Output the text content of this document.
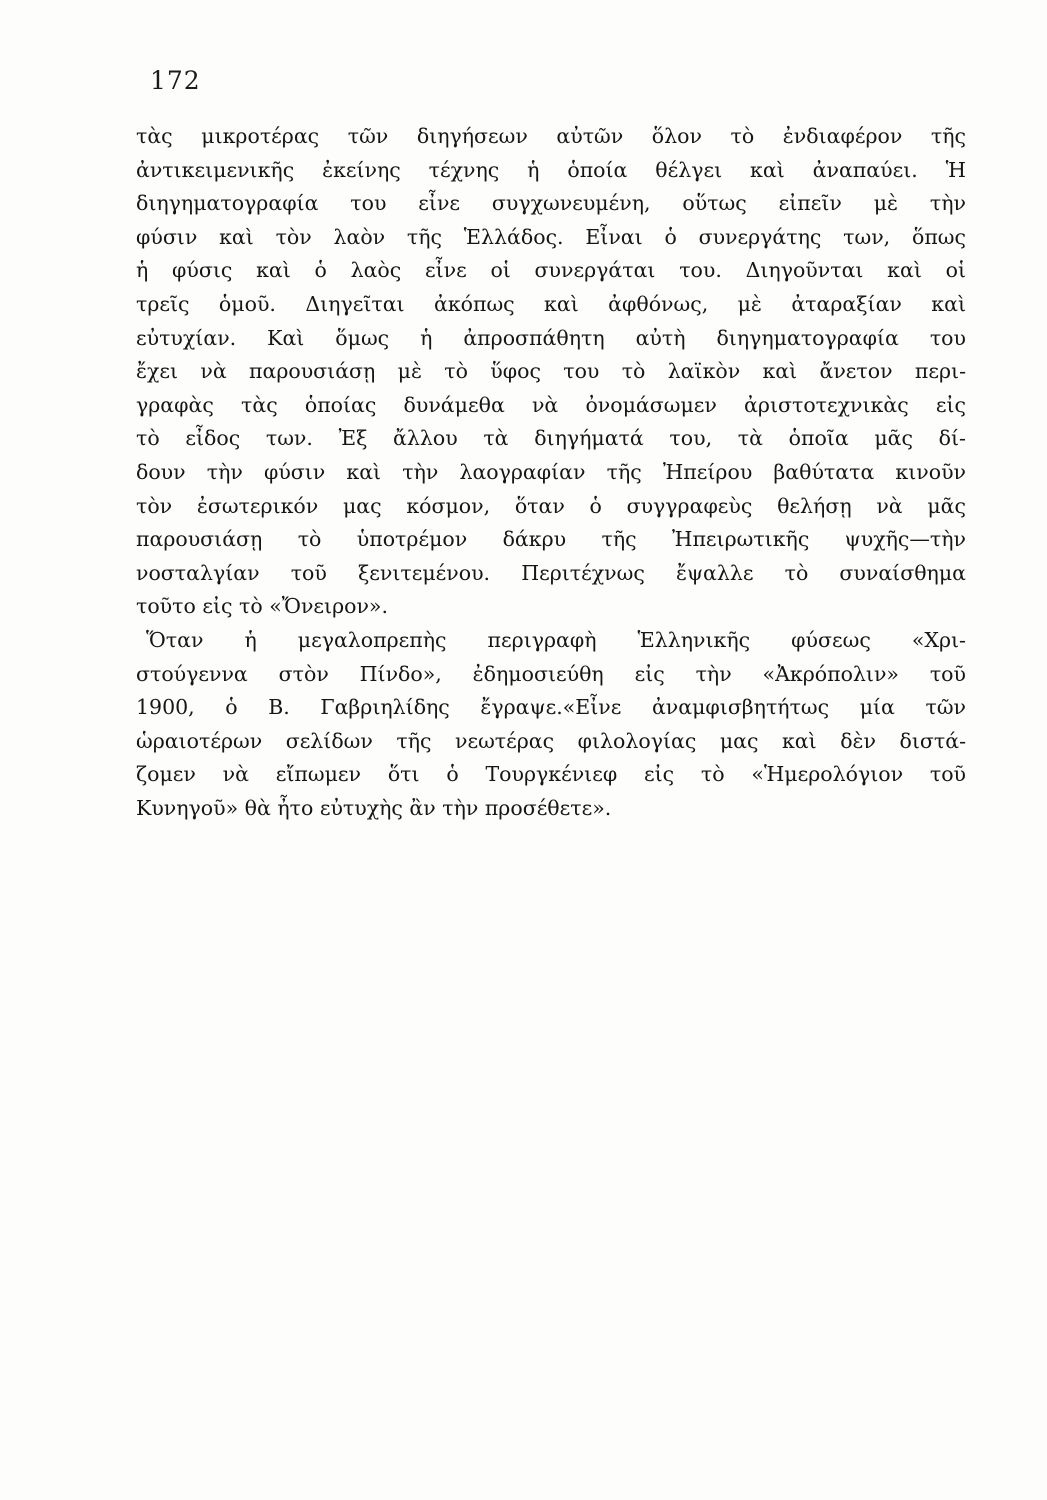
172
τὰς μικροτέρας τῶν διηγήσεων αὐτῶν ὅλον τὸ ἐνδιαφέρον τῆς
ἀντικειμενικῆς ἐκείνης τέχνης ἡ ὁποία θέλγει καὶ ἀναπαύει. Ἡ
διηγηματογραφία του εἶνε συγχωνευμένη, οὕτως εἰπεῖν μὲ τὴν
φύσιν καὶ τὸν λαὸν τῆς Ἑλλάδος. Εἶναι ὁ συνεργάτης των, ὅπως
ἡ φύσις καὶ ὁ λαὸς εἶνε οἱ συνεργάται του. Διηγοῦνται καὶ οἱ
τρεῖς ὁμοῦ. Διηγεῖται ἀκόπως καὶ ἀφθόνως, μὲ ἀταραξίαν καὶ
εὐτυχίαν. Καὶ ὅμως ἡ ἀπροσπάθητη αὐτὴ διηγηματογραφία του
ἔχει νὰ παρουσιάσῃ μὲ τὸ ὕφος του τὸ λαϊκὸν καὶ ἄνετον περι-
γραφὰς τὰς ὁποίας δυνάμεθα νὰ ὀνομάσωμεν ἀριστοτεχνικὰς εἰς
τὸ εἶδος των. Ἐξ ἄλλου τὰ διηγήματά του, τὰ ὁποῖα μᾶς δί-
δουν τὴν φύσιν καὶ τὴν λαογραφίαν τῆς Ἠπείρου βαθύτατα κινοῦν
τὸν ἐσωτερικόν μας κόσμον, ὅταν ὁ συγγραφεὺς θελήσῃ νὰ μᾶς
παρουσιάσῃ τὸ ὑποτρέμον δάκρυ τῆς Ἠπειρωτικῆς ψυχῆς—τὴν
νοσταλγίαν τοῦ ξενιτεμένου. Περιτέχνως ἔψαλλε τὸ συναίσθημα
τοῦτο εἰς τὸ «Ὄνειρον».
Ὅταν ἡ μεγαλοπρεπὴς περιγραφὴ Ἑλληνικῆς φύσεως «Χρι-
στούγεννα στὸν Πίνδο», ἐδημοσιεύθη εἰς τὴν «Ἀκρόπολιν» τοῦ
1900, ὁ Β. Γαβριηλίδης ἔγραψε.«Εἶνε ἀναμφισβητήτως μία τῶν
ὡραιοτέρων σελίδων τῆς νεωτέρας φιλολογίας μας καὶ δὲν διστά-
ζομεν νὰ εἴπωμεν ὅτι ὁ Τουργκένιεφ εἰς τὸ «Ἡμερολόγιον τοῦ
Κυνηγοῦ» θὰ ἦτο εὐτυχὴς ἂν τὴν προσέθετε».
